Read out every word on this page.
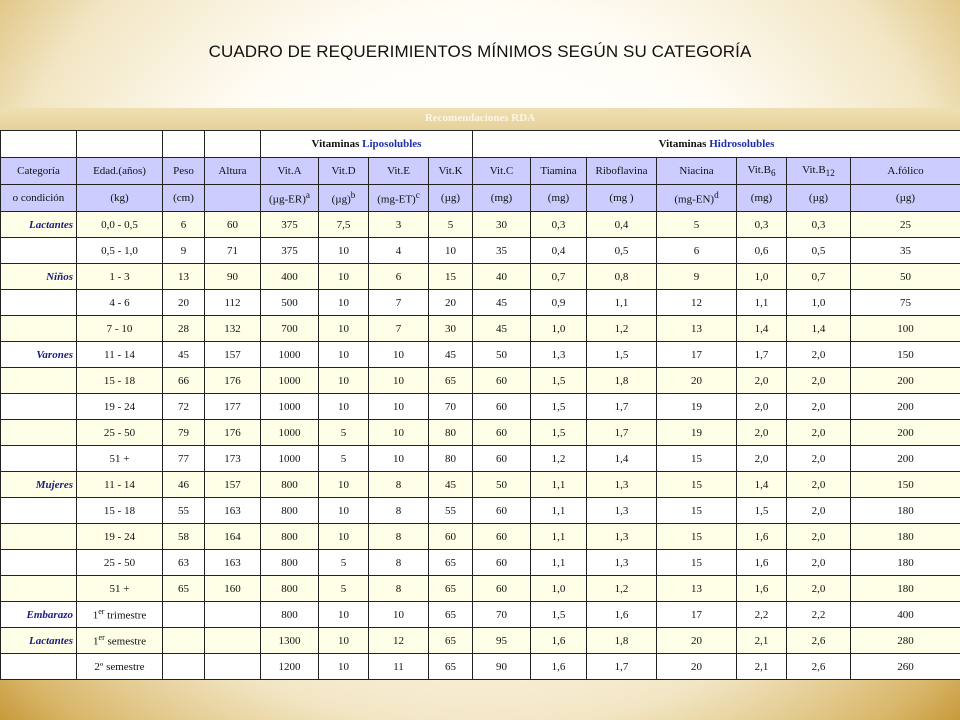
CUADRO DE REQUERIMIENTOS MÍNIMOS SEGÚN SU CATEGORÍA
Recomendaciones RDA
				Vitaminas Liposolubles				Vitaminas Hidrosolubles						
Categoría	Edad.(años)	Peso	Altura	Vit.A	Vit.D	Vit.E	Vit.K	Vit.C	Tiamina	Riboflavina	Niacina	$Vit.B_6$	$Vit.B_{12}$	A.fólico
o condición	(kg)	(cm)		$(\mu g-ER)^a$	$(\mu g)^b$	$(mg-ET)^c$	(µg)	(mg)	(mg)	(mg )	$(mg-EN)^d$	(mg)	(µg)	(µg)
Lactantes	0,0 - 0,5	6	60	375	7,5	3	5	30	0,3	0,4	5	0,3	0,3	25
	0,5 - 1,0	9	71	375	10	4	10	35	0,4	0,5	6	0,6	0,5	35
Niños	1 - 3	13	90	400	10	6	15	40	0,7	0,8	9	1,0	0,7	50
	4 - 6	20	112	500	10	7	20	45	0,9	1,1	12	1,1	1,0	75
	7 - 10	28	132	700	10	7	30	45	1,0	1,2	13	1,4	1,4	100
Varones	11 - 14	45	157	1000	10	10	45	50	1,3	1,5	17	1,7	2,0	150
	15 - 18	66	176	1000	10	10	65	60	1,5	1,8	20	2,0	2,0	200
	19 - 24	72	177	1000	10	10	70	60	1,5	1,7	19	2,0	2,0	200
	25 - 50	79	176	1000	5	10	80	60	1,5	1,7	19	2,0	2,0	200
	51 +	77	173	1000	5	10	80	60	1,2	1,4	15	2,0	2,0	200
Mujeres	11 - 14	46	157	800	10	8	45	50	1,1	1,3	15	1,4	2,0	150
	15 - 18	55	163	800	10	8	55	60	1,1	1,3	15	1,5	2,0	180
	19 - 24	58	164	800	10	8	60	60	1,1	1,3	15	1,6	2,0	180
	25 - 50	63	163	800	5	8	65	60	1,1	1,3	15	1,6	2,0	180
	51 +	65	160	800	5	8	65	60	1,0	1,2	13	1,6	2,0	180
Embarazo	1er trimestre			800	10	10	65	70	1,5	1,6	17	2,2	2,2	400
Lactantes	1er semestre			1300	10	12	65	95	1,6	1,8	20	2,1	2,6	280
	2º semestre			1200	10	11	65	90	1,6	1,7	20	2,1	2,6	260
